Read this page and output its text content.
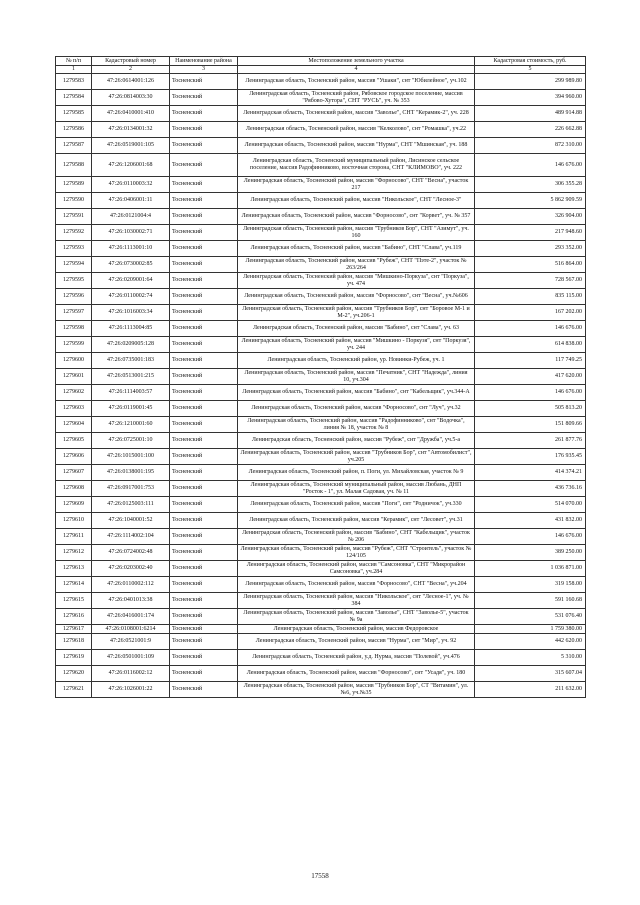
№ п/п	Кадастровый номер	Наименование района	Местоположение земельного участка	Кадастровая стоимость, руб.
1	2	3	4	5
1279583	47:26:0614001:126	Тосненский	Ленинградская область, Тосненский район, массив "Ушаки", снт "Юбилейное", уч.102	299 989.80
1279584	47:26:0814003:30	Тосненский	Ленинградская область, Тосненский район, Рябовское городское поселение, массив "Рябово-Хутора", СНТ "РУСЬ", уч. № 353	394 960.00
1279585	47:26:0410001:410	Тосненский	Ленинградская область, Тосненский район, массив "Заволье", СНТ "Керамик-2", уч. 228	489 914.88
1279586	47:26:0134001:32	Тосненский	Ленинградская область, Тосненский район, массив "Келколово", снт "Ромашка", уч.22	226 662.88
1279587	47:26:0519001:105	Тосненский	Ленинградская область, Тосненский район, массив "Нурма", СНТ "Мшинская", уч. 188	872 310.00
1279588	47:26:1206001:68	Тосненский	Ленинградская область, Тосненский муниципальный район, Лисинское сельское поселение, массив Радофинниково, восточная сторона, СНТ "КЛИМОВО", уч. 222	146 676.00
1279589	47:26:0110003:32	Тосненский	Ленинградская область, Тосненский район, массив "Форносово", СНТ "Весна", участок 217	306 355.28
1279590	47:26:0406001:11	Тосненский	Ленинградская область, Тосненский район, массив "Никольское", СНТ "Лесное-3"	5 862 909.59
1279591	47:26:0121004:4	Тосненский	Ленинградская область, Тосненский район, массив "Форносово", снт "Корвет", уч. № 357	326 904.00
1279592	47:26:1030002:71	Тосненский	Ленинградская область, Тосненский район, массив "Трубников Бор", СНТ "Азимут", уч. 160	217 948.60
1279593	47:26:1113001:10	Тосненский	Ленинградская область, Тосненский район, массив "Бабино", СНТ "Слава", уч.119	293 352.00
1279594	47:26:0730002:85	Тосненский	Ленинградская область, Тосненский район, массив "Рубеж", СНТ "Пэте-2", участок № 263/264	516 864.00
1279595	47:26:0209001:64	Тосненский	Ленинградская область, Тосненский район, массив "Мишкино-Поркуза", снт "Поркуза", уч. 474	728 567.00
1279596	47:26:0110002:74	Тосненский	Ленинградская область, Тосненский район, массив "Форносово", снт "Весна", уч.№606	835 115.00
1279597	47:26:1016003:34	Тосненский	Ленинградская область, Тосненский район, массив "Трубников Бор", снт "Боровое М-1 и М-2", уч.206-1	167 202.00
1279598	47:26:1113004:85	Тосненский	Ленинградская область, Тосненский район, массив "Бабино", снт "Слава", уч. 63	146 676.00
1279599	47:26:0209005:128	Тосненский	Ленинградская область, Тосненский район, массив "Мишкино - Поркузя", снт "Поркузя", уч. 244	614 838.00
1279600	47:26:0735001:183	Тосненский	Ленинградская область, Тосненский район, ур. Новинки-Рубеж, уч. 1	117 749.25
1279601	47:26:0513001:215	Тосненский	Ленинградская область, Тосненский район, массив "Печатник", СНТ "Надежда", линия 10, уч.304	417 620.00
1279602	47:26:1114003:57	Тосненский	Ленинградская область, Тосненский район, массив "Бабино", снт "Кабельщик", уч.344-А	146 676.00
1279603	47:26:0119001:45	Тосненский	Ленинградская область, Тосненский район, массив "Форносово", снт "Луч", уч.32	505 813.20
1279604	47:26:1210001:60	Тосненский	Ленинградская область, Тосненский район, массив "Радофинниково", снт "Водочка", линия № 18, участок № 8	151 809.66
1279605	47:26:0725001:10	Тосненский	Ленинградская область, Тосненский район, массив "Рубеж", снт "Дружба", уч.5-а	261 877.76
1279606	47:26:1015001:100	Тосненский	Ленинградская область, Тосненский район, массив "Трубников Бор", снт "Автомобилист", уч.205	176 935.45
1279607	47:26:0138001:195	Тосненский	Ленинградская область, Тосненский район, п. Поги, ул. Михайловская, участок № 9	414 374.21
1279608	47:26:0917001:753	Тосненский	Ленинградская область, Тосненский муниципальный район, массив Любань, ДНП "Росток - 1", ул. Малая Садовая, уч. № 11	436 736.16
1279609	47:26:0125003:111	Тосненский	Ленинградская область, Тосненский район, массив "Поги", снт "Родничок", уч.330	514 070.00
1279610	47:26:1040001:52	Тосненский	Ленинградская область, Тосненский район, массив "Керамик", снт "Лесовет", уч.31	431 832.00
1279611	47:26:1114002:104	Тосненский	Ленинградская область, Тосненский район, массив "Бабино", СНТ "Кабельщик", участок № 206	146 676.00
1279612	47:26:0724002:48	Тосненский	Ленинградская область, Тосненский район, массив "Рубеж", СНТ "Строитель", участок № 124/105	389 250.00
1279613	47:26:0203002:40	Тосненский	Ленинградская область, Тосненский район, массив "Самсоновка", СНТ "Микрорайон Самсоновка", уч.284	1 036 871.00
1279614	47:26:0110002:112	Тосненский	Ленинградская область, Тосненский район, массив "Форносово", СНТ "Весна", уч.204	319 158.00
1279615	47:26:0401013:38	Тосненский	Ленинградская область, Тосненский район, массив "Никольское", снт "Лесное-1", уч. № 384	591 160.68
1279616	47:26:0416001:174	Тосненский	Ленинградская область, Тосненский район, массив "Заволье", СНТ "Заволье-5", участок № 9а	531 076.40
1279617	47:26:0108001:6214	Тосненский	Ленинградская область, Тосненский район, массив Федоровское	1 759 380.00
1279618	47:26:0521001:9	Тосненский	Ленинградская область, Тосненский район, массив "Нурма", снт "Мир", уч. 92	442 620.00
1279619	47:26:0501001:109	Тосненский	Ленинградская область, Тосненский район, у.д. Нурма, массив "Полевой", уч.476	5 310.00
1279620	47:26:0116002:12	Тосненский	Ленинградская область, Тосненский район, массив "Форносово", снт "Усадя", уч. 180	315 607.04
1279621	47:26:1026001:22	Тосненский	Ленинградская область, Тосненский район, массив "Трубников Бор", СТ "Витамин", ул. №6, уч.№35	211 632.00
17558
